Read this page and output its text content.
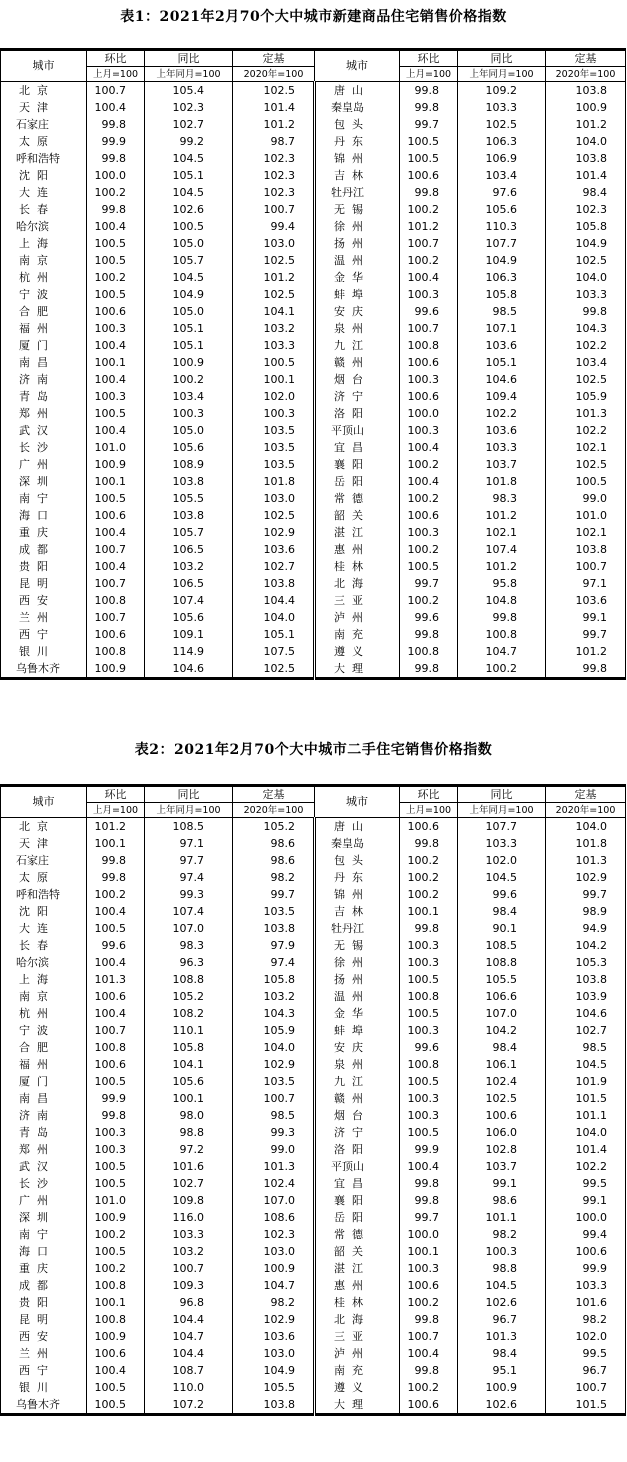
表1：2021年2月70个大中城市新建商品住宅销售价格指数
城市	环比	同比	定基	城市	环比	同比	定基
	上月=100	上年同月=100	2020年=100		上月=100	上年同月=100	2020年=100
北京	100.7	105.4	102.5	唐山	99.8	109.2	103.8
天津	100.4	102.3	101.4	秦皇岛	99.8	103.3	100.9
石家庄	99.8	102.7	101.2	包头	99.7	102.5	101.2
太原	99.9	99.2	98.7	丹东	100.5	106.3	104.0
呼和浩特	99.8	104.5	102.3	锦州	100.5	106.9	103.8
沈阳	100.0	105.1	102.3	吉林	100.6	103.4	101.4
大连	100.2	104.5	102.3	牡丹江	99.8	97.6	98.4
长春	99.8	102.6	100.7	无锡	100.2	105.6	102.3
哈尔滨	100.4	100.5	99.4	徐州	101.2	110.3	105.8
上海	100.5	105.0	103.0	扬州	100.7	107.7	104.9
南京	100.5	105.7	102.5	温州	100.2	104.9	102.5
杭州	100.2	104.5	101.2	金华	100.4	106.3	104.0
宁波	100.5	104.9	102.5	蚌埠	100.3	105.8	103.3
合肥	100.6	105.0	104.1	安庆	99.6	98.5	99.8
福州	100.3	105.1	103.2	泉州	100.7	107.1	104.3
厦门	100.4	105.1	103.3	九江	100.8	103.6	102.2
南昌	100.1	100.9	100.5	赣州	100.6	105.1	103.4
济南	100.4	100.2	100.1	烟台	100.3	104.6	102.5
青岛	100.3	103.4	102.0	济宁	100.6	109.4	105.9
郑州	100.5	100.3	100.3	洛阳	100.0	102.2	101.3
武汉	100.4	105.0	103.5	平顶山	100.3	103.6	102.2
长沙	101.0	105.6	103.5	宜昌	100.4	103.3	102.1
广州	100.9	108.9	103.5	襄阳	100.2	103.7	102.5
深圳	100.1	103.8	101.8	岳阳	100.4	101.8	100.5
南宁	100.5	105.5	103.0	常德	100.2	98.3	99.0
海口	100.6	103.8	102.5	韶关	100.6	101.2	101.0
重庆	100.4	105.7	102.9	湛江	100.3	102.1	102.1
成都	100.7	106.5	103.6	惠州	100.2	107.4	103.8
贵阳	100.4	103.2	102.7	桂林	100.5	101.2	100.7
昆明	100.7	106.5	103.8	北海	99.7	95.8	97.1
西安	100.8	107.4	104.4	三亚	100.2	104.8	103.6
兰州	100.7	105.6	104.0	泸州	99.6	99.8	99.1
西宁	100.6	109.1	105.1	南充	99.8	100.8	99.7
银川	100.8	114.9	107.5	遵义	100.8	104.7	101.2
乌鲁木齐	100.9	104.6	102.5	大理	99.8	100.2	99.8
表2：2021年2月70个大中城市二手住宅销售价格指数
城市	环比	同比	定基	城市	环比	同比	定基
	上月=100	上年同月=100	2020年=100		上月=100	上年同月=100	2020年=100
北京	101.2	108.5	105.2	唐山	100.6	107.7	104.0
天津	100.1	97.1	98.6	秦皇岛	99.8	103.3	101.8
石家庄	99.8	97.7	98.6	包头	100.2	102.0	101.3
太原	99.8	97.4	98.2	丹东	100.2	104.5	102.9
呼和浩特	100.2	99.3	99.7	锦州	100.2	99.6	99.7
沈阳	100.4	107.4	103.5	吉林	100.1	98.4	98.9
大连	100.5	107.0	103.8	牡丹江	99.8	90.1	94.9
长春	99.6	98.3	97.9	无锡	100.3	108.5	104.2
哈尔滨	100.4	96.3	97.4	徐州	100.3	108.8	105.3
上海	101.3	108.8	105.8	扬州	100.5	105.5	103.8
南京	100.6	105.2	103.2	温州	100.8	106.6	103.9
杭州	100.4	108.2	104.3	金华	100.5	107.0	104.6
宁波	100.7	110.1	105.9	蚌埠	100.3	104.2	102.7
合肥	100.8	105.8	104.0	安庆	99.6	98.4	98.5
福州	100.6	104.1	102.9	泉州	100.8	106.1	104.5
厦门	100.5	105.6	103.5	九江	100.5	102.4	101.9
南昌	99.9	100.1	100.7	赣州	100.3	102.5	101.5
济南	99.8	98.0	98.5	烟台	100.3	100.6	101.1
青岛	100.3	98.8	99.3	济宁	100.5	106.0	104.0
郑州	100.3	97.2	99.0	洛阳	99.9	102.8	101.4
武汉	100.5	101.6	101.3	平顶山	100.4	103.7	102.2
长沙	100.5	102.7	102.4	宜昌	99.8	99.1	99.5
广州	101.0	109.8	107.0	襄阳	99.8	98.6	99.1
深圳	100.9	116.0	108.6	岳阳	99.7	101.1	100.0
南宁	100.2	103.3	102.3	常德	100.0	98.2	99.4
海口	100.5	103.2	103.0	韶关	100.1	100.3	100.6
重庆	100.2	100.7	100.9	湛江	100.3	98.8	99.9
成都	100.8	109.3	104.7	惠州	100.6	104.5	103.3
贵阳	100.1	96.8	98.2	桂林	100.2	102.6	101.6
昆明	100.8	104.4	102.9	北海	99.8	96.7	98.2
西安	100.9	104.7	103.6	三亚	100.7	101.3	102.0
兰州	100.6	104.4	103.0	泸州	100.4	98.4	99.5
西宁	100.4	108.7	104.9	南充	99.8	95.1	96.7
银川	100.5	110.0	105.5	遵义	100.2	100.9	100.7
乌鲁木齐	100.5	107.2	103.8	大理	100.6	102.6	101.5
